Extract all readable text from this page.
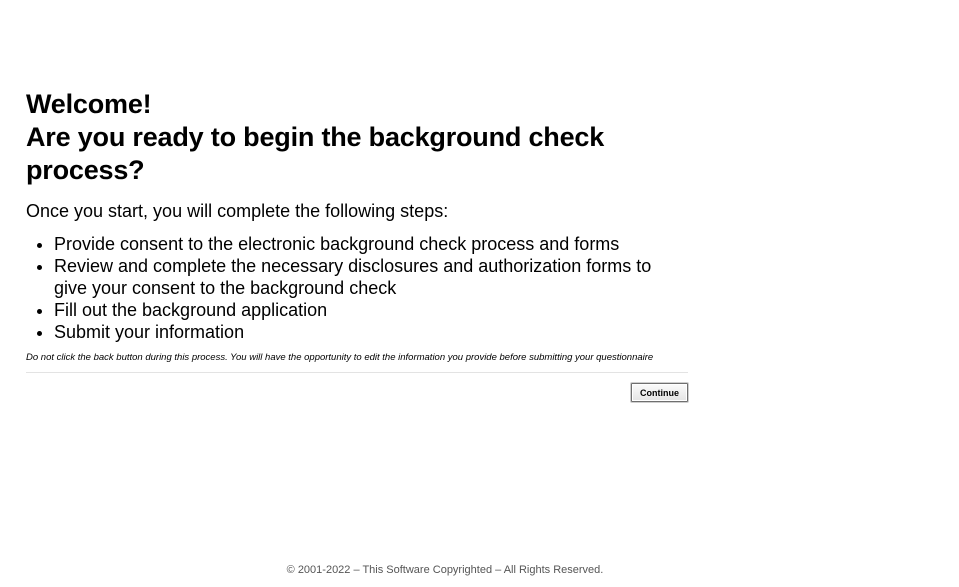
Welcome!
Are you ready to begin the background check process?

Once you start, you will complete the following steps:

• Provide consent to the electronic background check process and forms
• Review and complete the necessary disclosures and authorization forms to give your consent to the background check
• Fill out the background application
• Submit your information

Do not click the back button during this process. You will have the opportunity to edit the information you provide before submitting your questionnaire

Continue
© 2001-2022 – This Software Copyrighted – All Rights Reserved.
